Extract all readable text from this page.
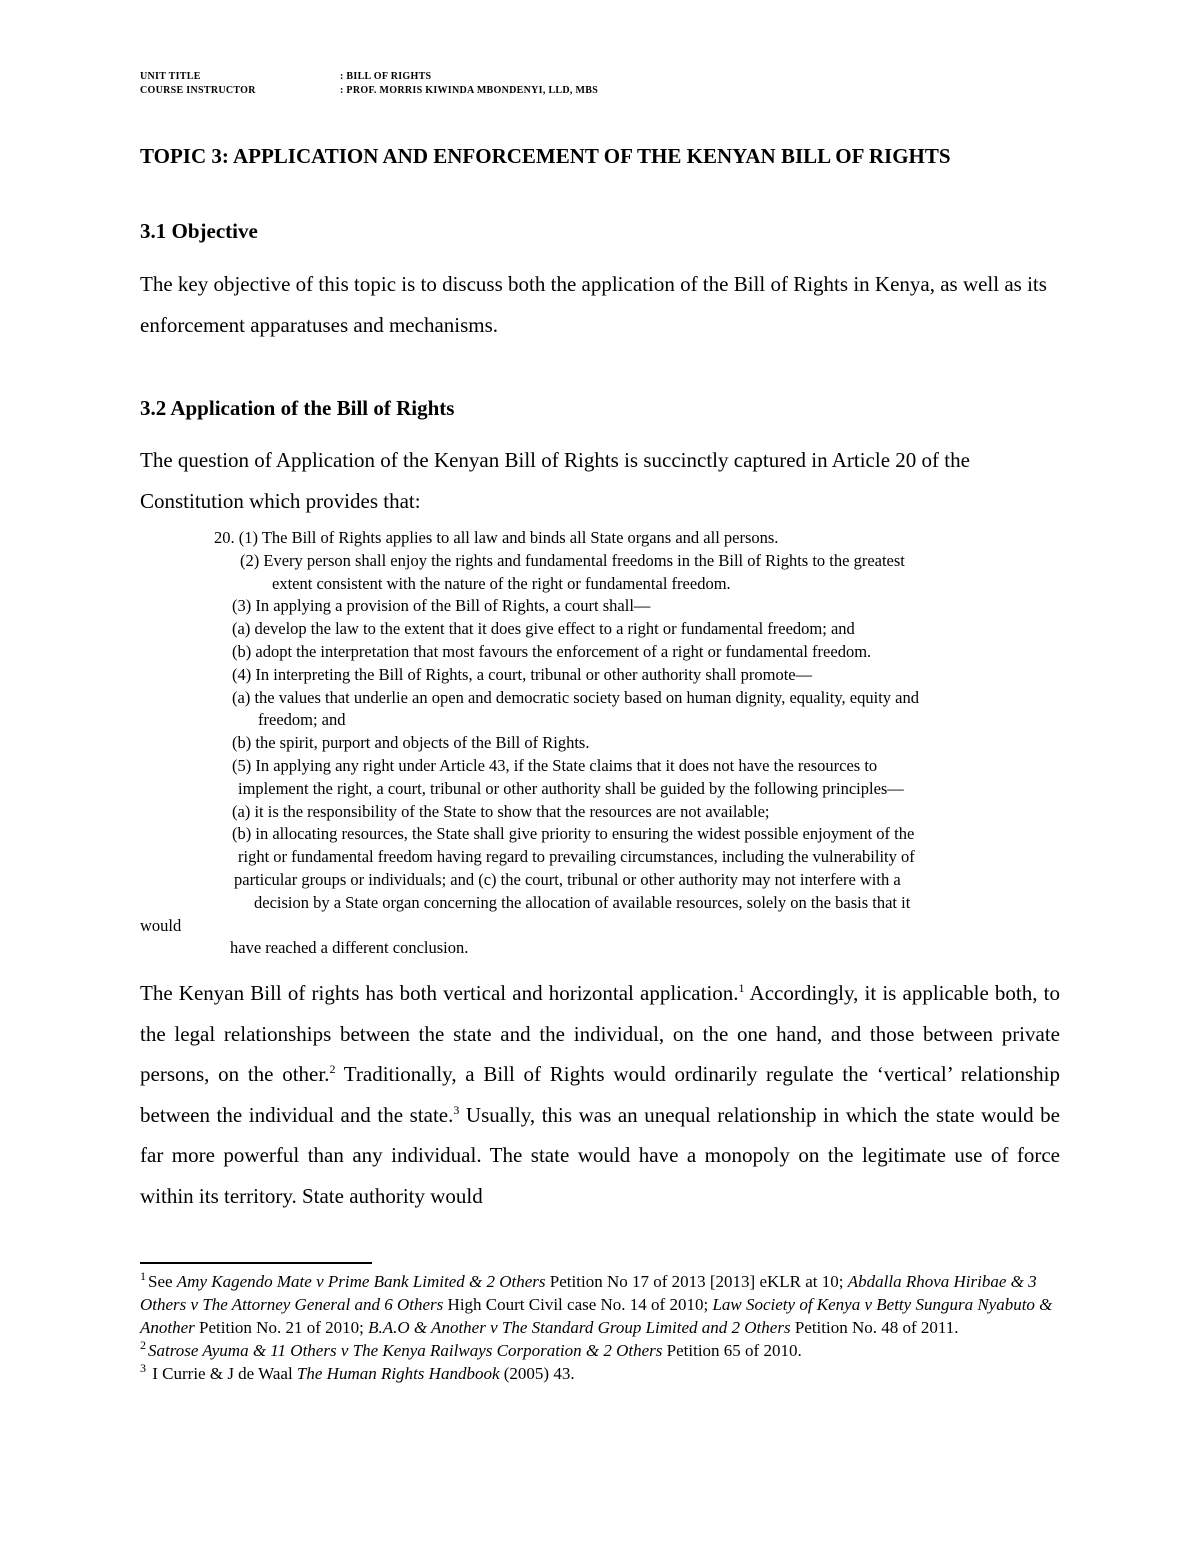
UNIT TITLE	: BILL OF RIGHTS
COURSE INSTRUCTOR	: PROF. MORRIS KIWINDA MBONDENYI, LLD, MBS
TOPIC 3: APPLICATION AND ENFORCEMENT OF THE KENYAN BILL OF RIGHTS
3.1 Objective

The key objective of this topic is to discuss both the application of the Bill of Rights in Kenya, as well as its enforcement apparatuses and mechanisms.

3.2 Application of the Bill of Rights

The question of Application of the Kenyan Bill of Rights is succinctly captured in Article 20 of the Constitution which provides that:

20. (1) The Bill of Rights applies to all law and binds all State organs and all persons.
(2) Every person shall enjoy the rights and fundamental freedoms in the Bill of Rights to the greatest
extent consistent with the nature of the right or fundamental freedom.
(3) In applying a provision of the Bill of Rights, a court shall—
(a) develop the law to the extent that it does give effect to a right or fundamental freedom; and
(b) adopt the interpretation that most favours the enforcement of a right or fundamental freedom.
(4) In interpreting the Bill of Rights, a court, tribunal or other authority shall promote—
(a) the values that underlie an open and democratic society based on human dignity, equality, equity and
freedom; and
(b) the spirit, purport and objects of the Bill of Rights.
(5) In applying any right under Article 43, if the State claims that it does not have the resources to
implement the right, a court, tribunal or other authority shall be guided by the following principles—
(a) it is the responsibility of the State to show that the resources are not available;
(b) in allocating resources, the State shall give priority to ensuring the widest possible enjoyment of the
right or fundamental freedom having regard to prevailing circumstances, including the vulnerability of
particular groups or individuals; and (c) the court, tribunal or other authority may not interfere with a
decision by a State organ concerning the allocation of available resources, solely on the basis that it
would
have reached a different conclusion.

The Kenyan Bill of rights has both vertical and horizontal application.$^1$ Accordingly, it is applicable both, to the legal relationships between the state and the individual, on the one hand, and those between private persons, on the other.$^2$ Traditionally, a Bill of Rights would ordinarily regulate the ‘vertical’ relationship between the individual and the state.$^3$ Usually, this was an unequal relationship in which the state would be far more powerful than any individual. The state would have a monopoly on the legitimate use of force within its territory. State authority would

$^1$ See Amy Kagendo Mate v Prime Bank Limited & 2 Others Petition No 17 of 2013 [2013] eKLR at 10; Abdalla Rhova Hiribae & 3 Others v The Attorney General and 6 Others High Court Civil case No. 14 of 2010; Law Society of Kenya v Betty Sungura Nyabuto & Another Petition No. 21 of 2010; B.A.O & Another v The Standard Group Limited and 2 Others Petition No. 48 of 2011.

$^2$ Satrose Ayuma & 11 Others v The Kenya Railways Corporation & 2 Others Petition 65 of 2010.

$^3$ I Currie & J de Waal The Human Rights Handbook (2005) 43.
